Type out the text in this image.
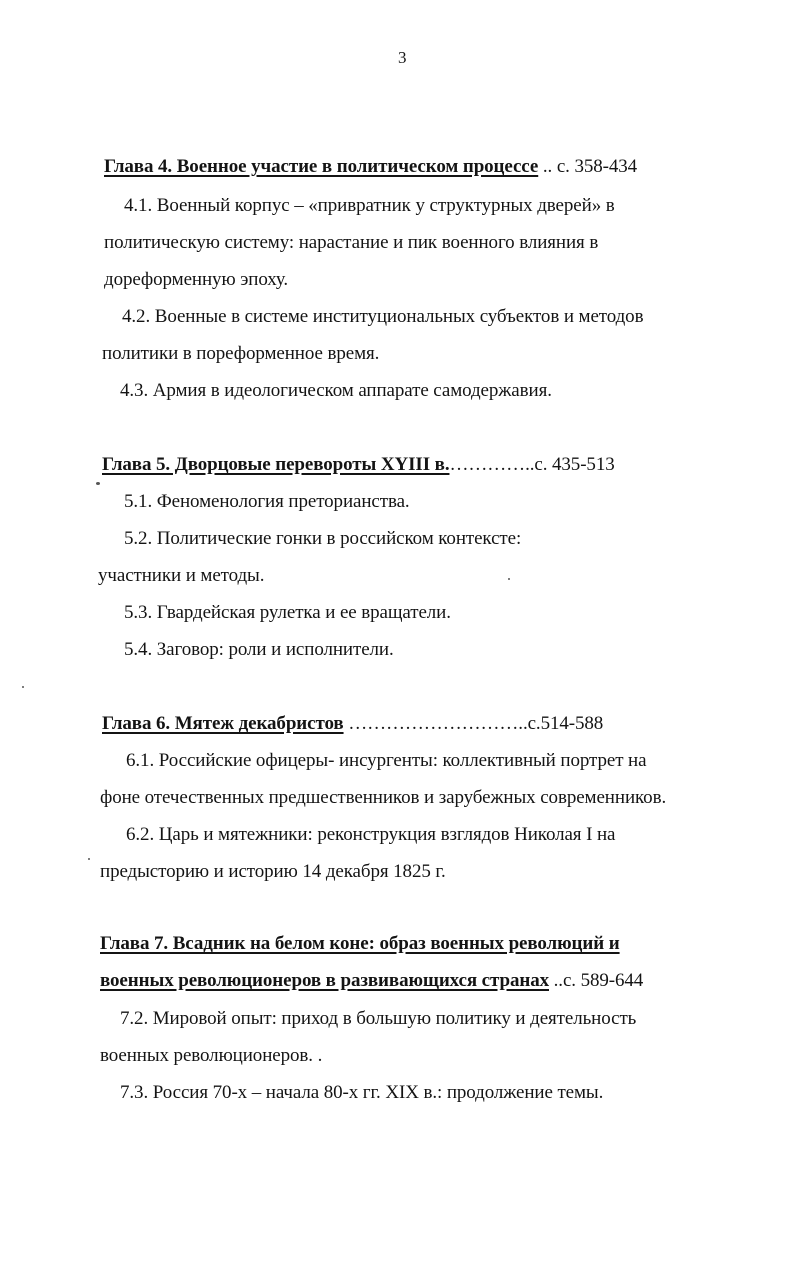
3
Глава 4. Военное участие в политическом процессе .. с. 358-434
4.1. Военный корпус – «привратник у структурных дверей» в
политическую систему: нарастание и пик военного влияния в
дореформенную эпоху.
4.2. Военные в системе институциональных субъектов и методов
политики в пореформенное время.
4.3. Армия в идеологическом аппарате самодержавия.
Глава 5. Дворцовые перевороты XYIII в.…………..с. 435-513
5.1. Феноменология преторианства.
5.2. Политические гонки в российском контексте:
участники и методы.
5.3. Гвардейская рулетка и ее вращатели.
5.4. Заговор: роли и исполнители.
Глава 6. Мятеж декабристов ………………………..c.514-588
6.1. Российские офицеры- инсургенты: коллективный портрет на
фоне отечественных предшественников и зарубежных современников.
6.2. Царь и мятежники: реконструкция взглядов Николая I на
предысторию и историю 14 декабря 1825 г.
Глава 7. Всадник на белом коне: образ военных революций и
военных революционеров в развивающихся странах ..с. 589-644
7.2. Мировой опыт: приход в большую политику и деятельность
военных революционеров. .
7.3. Россия 70-х – начала 80-х гг. XIX в.: продолжение темы.
